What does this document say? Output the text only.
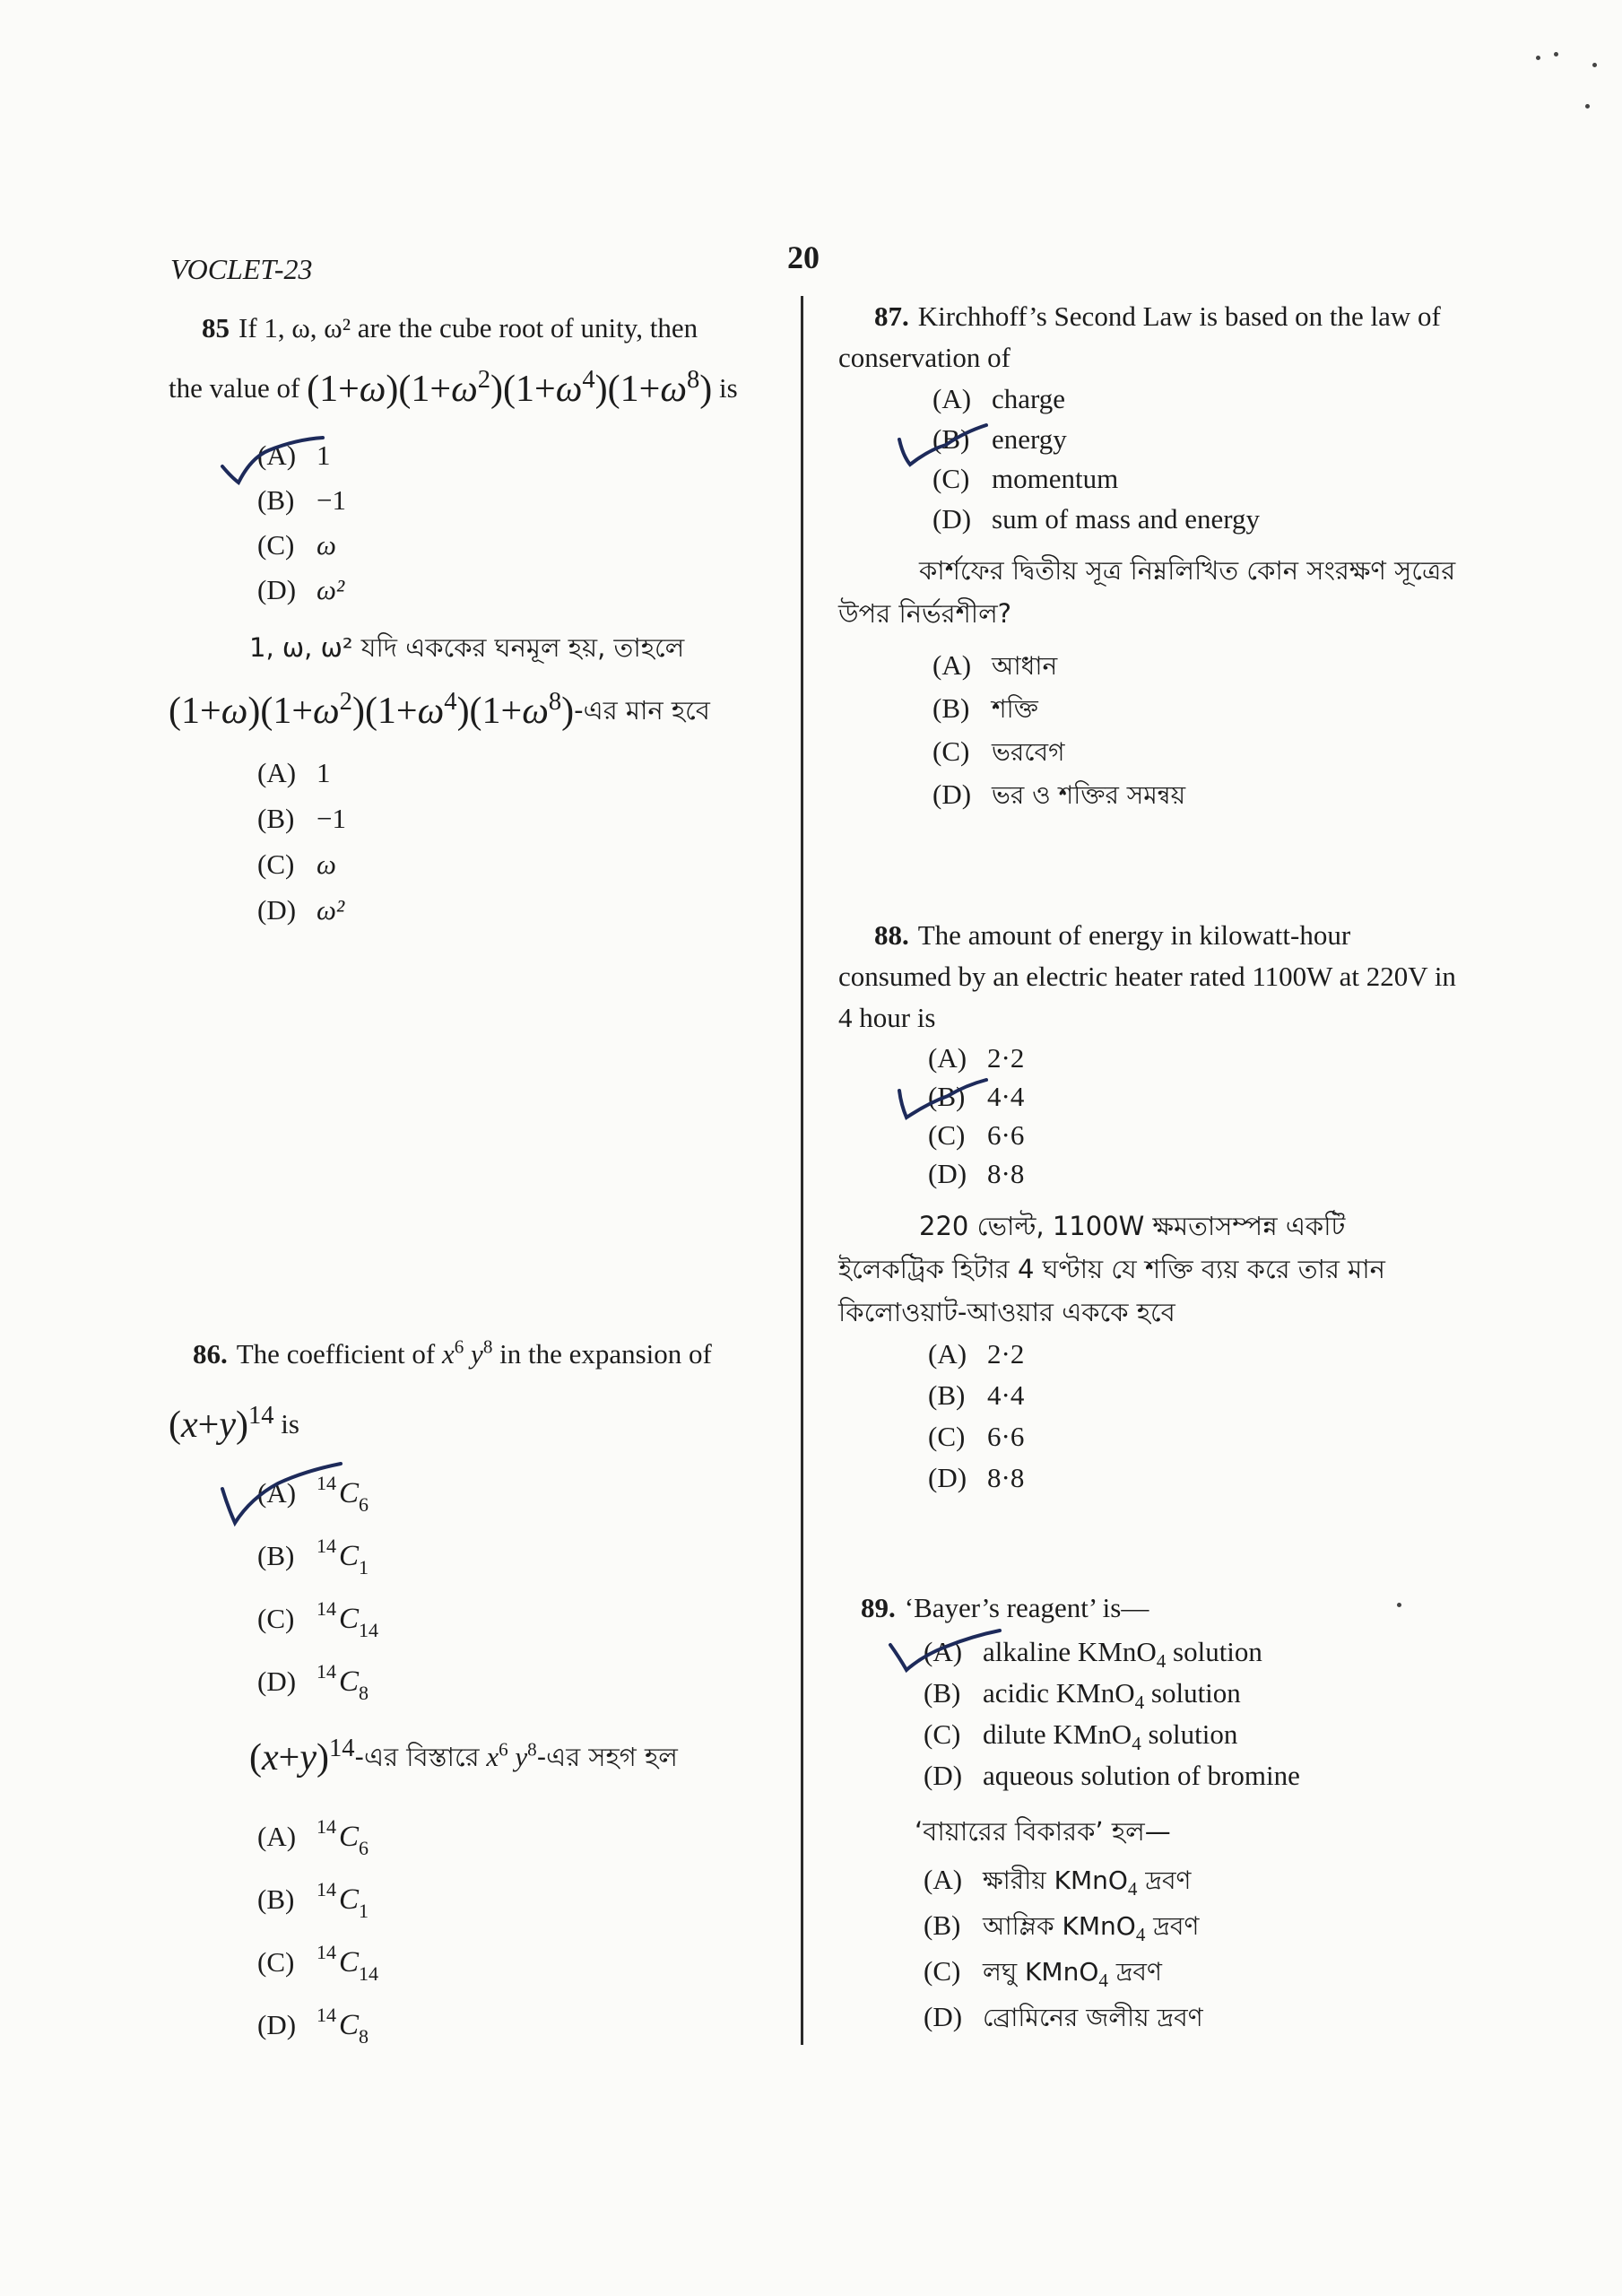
VOCLET-23	20
85 If 1, ω, ω² are the cube root of unity, then
the value of $(1+\omega)(1+\omega^2)(1+\omega^4)(1+\omega^8)$ is
(A) 1
(B) −1
(C) ω
(D) ω²
1, ω, ω² যদি এককের ঘনমূল হয়, তাহলে
$(1+\omega)(1+\omega^2)(1+\omega^4)(1+\omega^8)-এর$ মান হবে
(A) 1
(B) −1
(C) ω
(D) ω²
86. The coefficient of $x^6$ $y^8$ in the expansion of
$(x+y)^{14}$ is
(A) $^{14}C_6$
(B) $^{14}C_1$
(C) $^{14}C_{14}$
(D) $^{14}C_8$
$(x+y)^{14}-এর$ বিস্তারে $x^6$ $y^8-এর$ সহগ হল
(A) $^{14}C_6$
(B) $^{14}C_1$
(C) $^{14}C_{14}$
(D) $^{14}C_8$
87. Kirchhoff’s Second Law is based on the law of conservation of
(A) charge
(B) energy
(C) momentum
(D) sum of mass and energy
কার্শফের দ্বিতীয় সূত্র নিম্নলিখিত কোন সংরক্ষণ সূত্রের উপর নির্ভরশীল?
(A) আধান
(B) শক্তি
(C) ভরবেগ
(D) ভর ও শক্তির সমন্বয়
88. The amount of energy in kilowatt-hour consumed by an electric heater rated 1100W at 220V in 4 hour is
(A) 2·2
(B) 4·4
(C) 6·6
(D) 8·8
220 ভোল্ট, 1100W ক্ষমতাসম্পন্ন একটি ইলেকট্রিক হিটার 4 ঘণ্টায় যে শক্তি ব্যয় করে তার মান কিলোওয়াট-আওয়ার এককে হবে
(A) 2·2
(B) 4·4
(C) 6·6
(D) 8·8
89. ‘Bayer’s reagent’ is—
(A) alkaline KMnO$_4$ solution
(B) acidic KMnO$_4$ solution
(C) dilute KMnO$_4$ solution
(D) aqueous solution of bromine
‘বায়ারের বিকারক’ হল—
(A) ক্ষারীয় KMnO$_4$ দ্রবণ
(B) আম্লিক KMnO$_4$ দ্রবণ
(C) লঘু KMnO$_4$ দ্রবণ
(D) ব্রোমিনের জলীয় দ্রবণ
